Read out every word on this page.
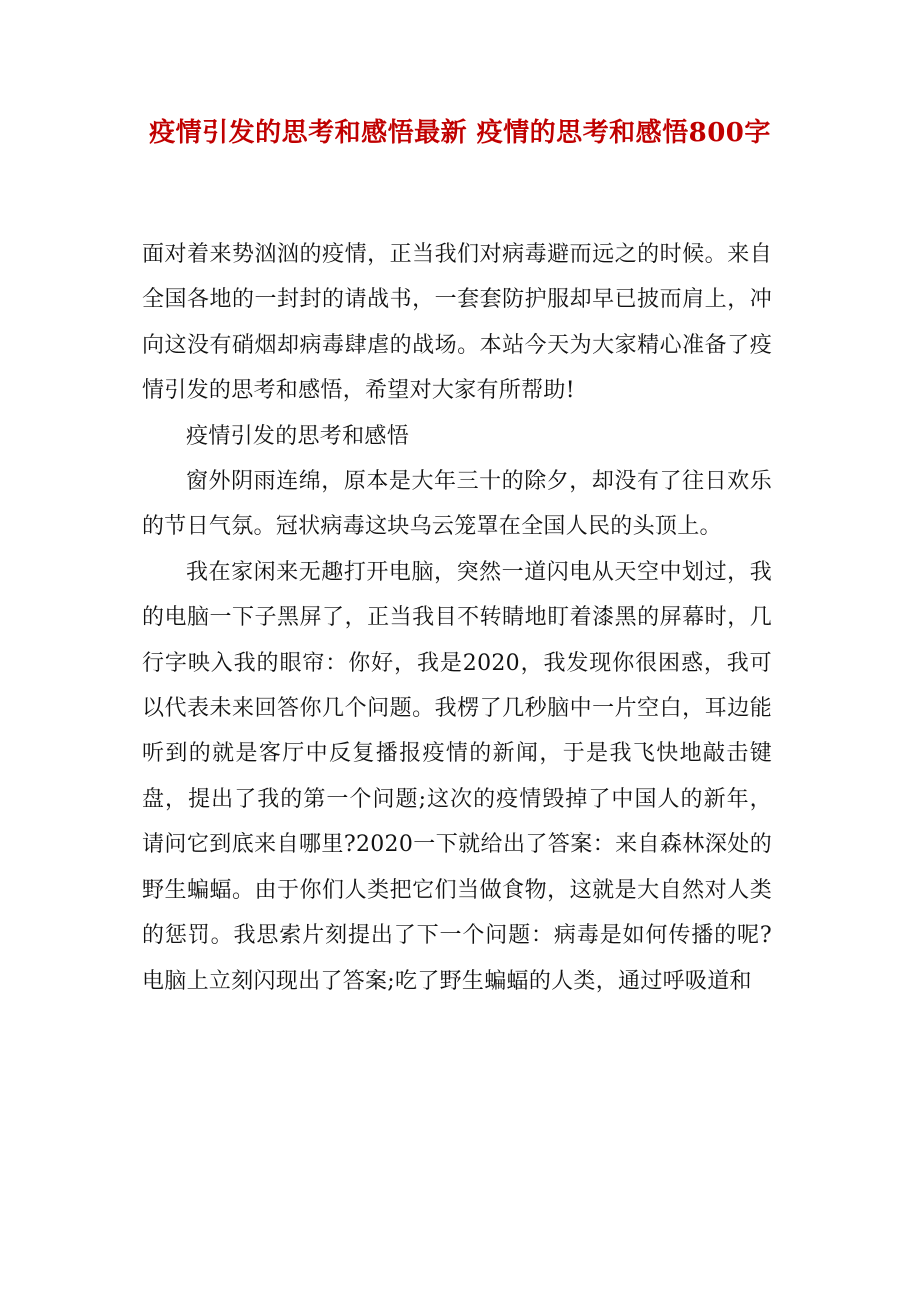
疫情引发的思考和感悟最新 疫情的思考和感悟800字

面对着来势汹汹的疫情，正当我们对病毒避而远之的时候。来自全国各地的一封封的请战书，一套套防护服却早已披而肩上，冲向这没有硝烟却病毒肆虐的战场。本站今天为大家精心准备了疫情引发的思考和感悟，希望对大家有所帮助!

疫情引发的思考和感悟

窗外阴雨连绵，原本是大年三十的除夕，却没有了往日欢乐的节日气氛。冠状病毒这块乌云笼罩在全国人民的头顶上。

我在家闲来无趣打开电脑，突然一道闪电从天空中划过，我的电脑一下子黑屏了，正当我目不转睛地盯着漆黑的屏幕时，几行字映入我的眼帘：你好，我是2020，我发现你很困惑，我可以代表未来回答你几个问题。我楞了几秒脑中一片空白，耳边能听到的就是客厅中反复播报疫情的新闻，于是我飞快地敲击键盘，提出了我的第一个问题;这次的疫情毁掉了中国人的新年，请问它到底来自哪里?2020一下就给出了答案：来自森林深处的野生蝙蝠。由于你们人类把它们当做食物，这就是大自然对人类的惩罚。我思索片刻提出了下一个问题：病毒是如何传播的呢?电脑上立刻闪现出了答案;吃了野生蝙蝠的人类，通过呼吸道和
